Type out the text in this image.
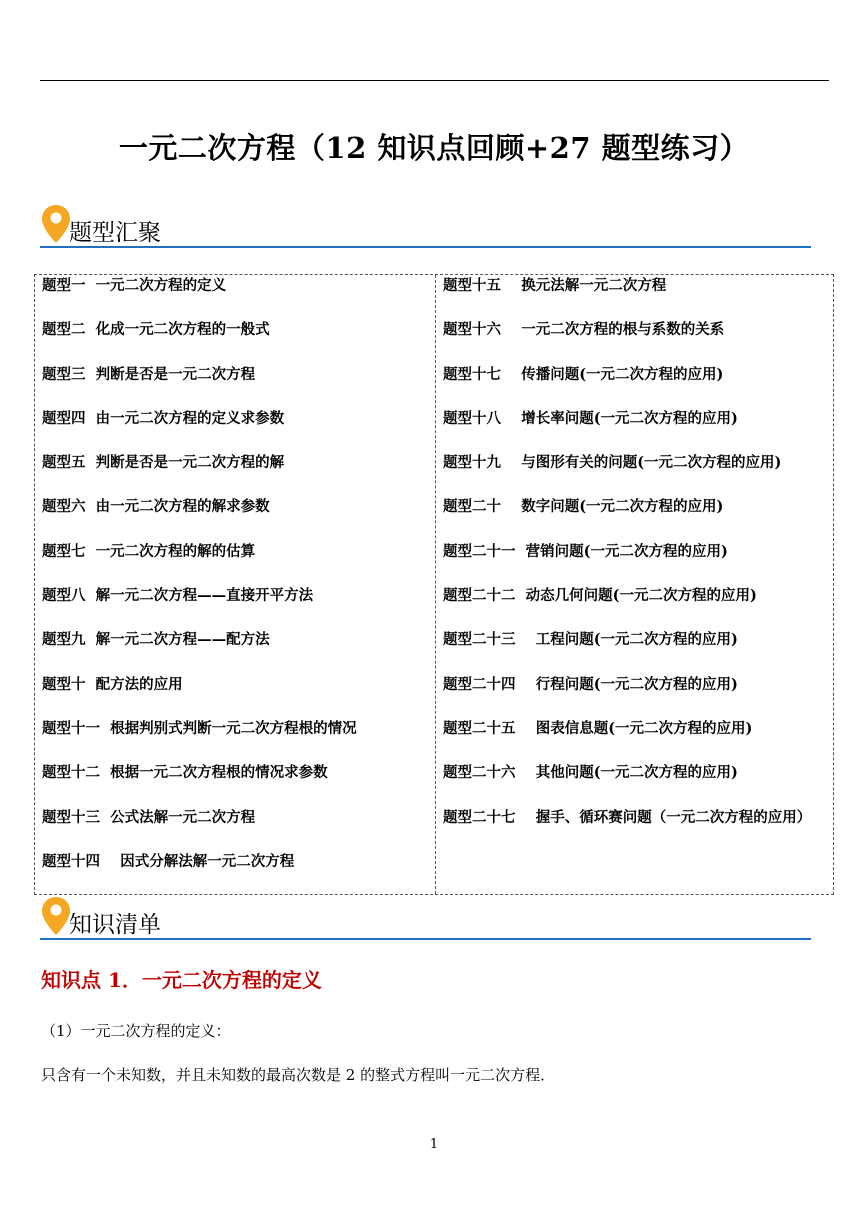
一元二次方程（12 知识点回顾+27 题型练习）
题型汇聚
题型一  一元二次方程的定义
题型二  化成一元二次方程的一般式
题型三  判断是否是一元二次方程
题型四  由一元二次方程的定义求参数
题型五  判断是否是一元二次方程的解
题型六  由一元二次方程的解求参数
题型七  一元二次方程的解的估算
题型八  解一元二次方程——直接开平方法
题型九  解一元二次方程——配方法
题型十  配方法的应用
题型十一  根据判别式判断一元二次方程根的情况
题型十二  根据一元二次方程根的情况求参数
题型十三  公式法解一元二次方程
题型十四    因式分解法解一元二次方程
题型十五    换元法解一元二次方程
题型十六    一元二次方程的根与系数的关系
题型十七    传播问题(一元二次方程的应用)
题型十八    增长率问题(一元二次方程的应用)
题型十九    与图形有关的问题(一元二次方程的应用)
题型二十    数字问题(一元二次方程的应用)
题型二十一  营销问题(一元二次方程的应用)
题型二十二  动态几何问题(一元二次方程的应用)
题型二十三    工程问题(一元二次方程的应用)
题型二十四    行程问题(一元二次方程的应用)
题型二十五    图表信息题(一元二次方程的应用)
题型二十六    其他问题(一元二次方程的应用)
题型二十七    握手、循环赛问题（一元二次方程的应用）
知识清单
知识点 1．一元二次方程的定义
（1）一元二次方程的定义：
只含有一个未知数，并且未知数的最高次数是 2 的整式方程叫一元二次方程．
1
